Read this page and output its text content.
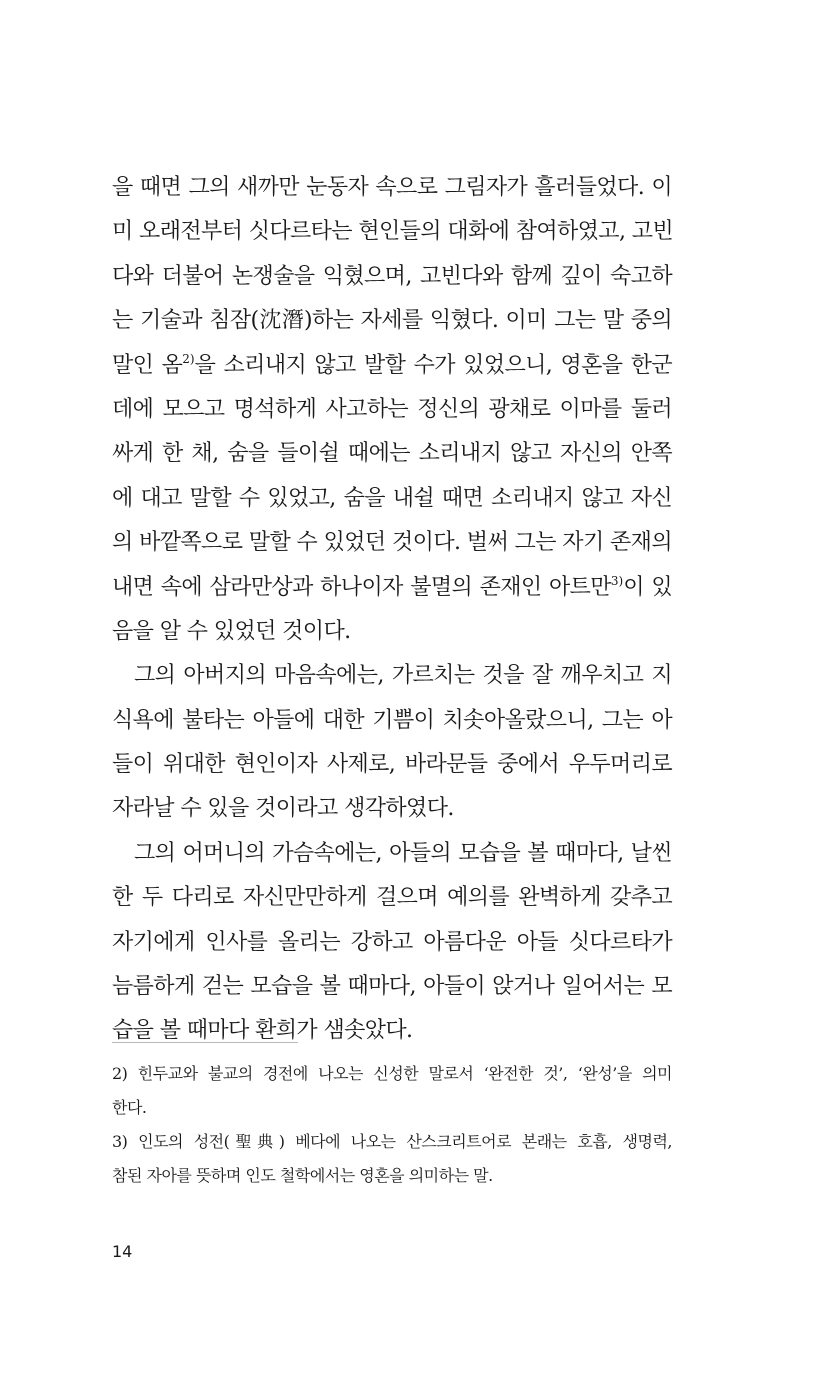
을 때면 그의 새까만 눈동자 속으로 그림자가 흘러들었다. 이
미 오래전부터 싯다르타는 현인들의 대화에 참여하였고, 고빈
다와 더불어 논쟁술을 익혔으며, 고빈다와 함께 깊이 숙고하
는 기술과 침잠(沈潛)하는 자세를 익혔다. 이미 그는 말 중의
말인 옴$^{2)}$을 소리내지 않고 발할 수가 있었으니, 영혼을 한군
데에 모으고 명석하게 사고하는 정신의 광채로 이마를 둘러
싸게 한 채, 숨을 들이쉴 때에는 소리내지 않고 자신의 안쪽
에 대고 말할 수 있었고, 숨을 내쉴 때면 소리내지 않고 자신
의 바깥쪽으로 말할 수 있었던 것이다. 벌써 그는 자기 존재의
내면 속에 삼라만상과 하나이자 불멸의 존재인 아트만$^{3)}$이 있
음을 알 수 있었던 것이다.
그의 아버지의 마음속에는, 가르치는 것을 잘 깨우치고 지
식욕에 불타는 아들에 대한 기쁨이 치솟아올랐으니, 그는 아
들이 위대한 현인이자 사제로, 바라문들 중에서 우두머리로
자라날 수 있을 것이라고 생각하였다.
그의 어머니의 가슴속에는, 아들의 모습을 볼 때마다, 날씬
한 두 다리로 자신만만하게 걸으며 예의를 완벽하게 갖추고
자기에게 인사를 올리는 강하고 아름다운 아들 싯다르타가
늠름하게 걷는 모습을 볼 때마다, 아들이 앉거나 일어서는 모
습을 볼 때마다 환희가 샘솟았다.
2) 힌두교와 불교의 경전에 나오는 신성한 말로서 ‘완전한 것’, ‘완성’을 의미
한다.
3) 인도의 성전(聖典) 베다에 나오는 산스크리트어로 본래는 호흡, 생명력,
참된 자아를 뜻하며 인도 철학에서는 영혼을 의미하는 말.
14
